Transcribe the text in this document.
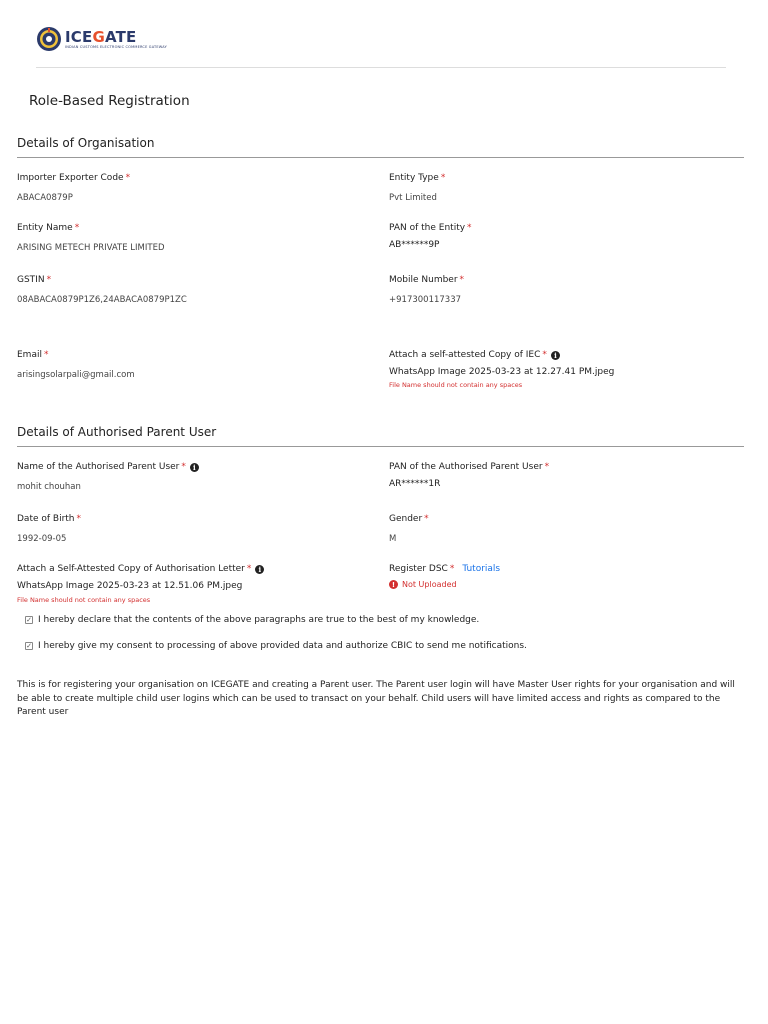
ICEGATE
INDIAN CUSTOMS ELECTRONIC COMMERCE GATEWAY
Role-Based Registration
Details of Organisation
Importer Exporter Code *
ABACA0879P
Entity Type *
Pvt Limited
Entity Name *
ARISING METECH PRIVATE LIMITED
PAN of the Entity *
AB******9P
GSTIN *
08ABACA0879P1Z6,24ABACA0879P1ZC
Mobile Number *
+917300117337
Email *
arisingsolarpali@gmail.com
Attach a self-attested Copy of IEC *	i
WhatsApp Image 2025-03-23 at 12.27.41 PM.jpeg
File Name should not contain any spaces
Details of Authorised Parent User
Name of the Authorised Parent User *	i
mohit chouhan
PAN of the Authorised Parent User *
AR******1R
Date of Birth *
1992-09-05
Gender *
M
Attach a Self-Attested Copy of Authorisation Letter *	i
WhatsApp Image 2025-03-23 at 12.51.06 PM.jpeg
File Name should not contain any spaces
Register DSC * Tutorials
! Not Uploaded
✓ I hereby declare that the contents of the above paragraphs are true to the best of my knowledge.
✓ I hereby give my consent to processing of above provided data and authorize CBIC to send me notifications.
This is for registering your organisation on ICEGATE and creating a Parent user. The Parent user login will have Master User rights for your organisation and will be able to create multiple child user logins which can be used to transact on your behalf. Child users will have limited access and rights as compared to the Parent user
